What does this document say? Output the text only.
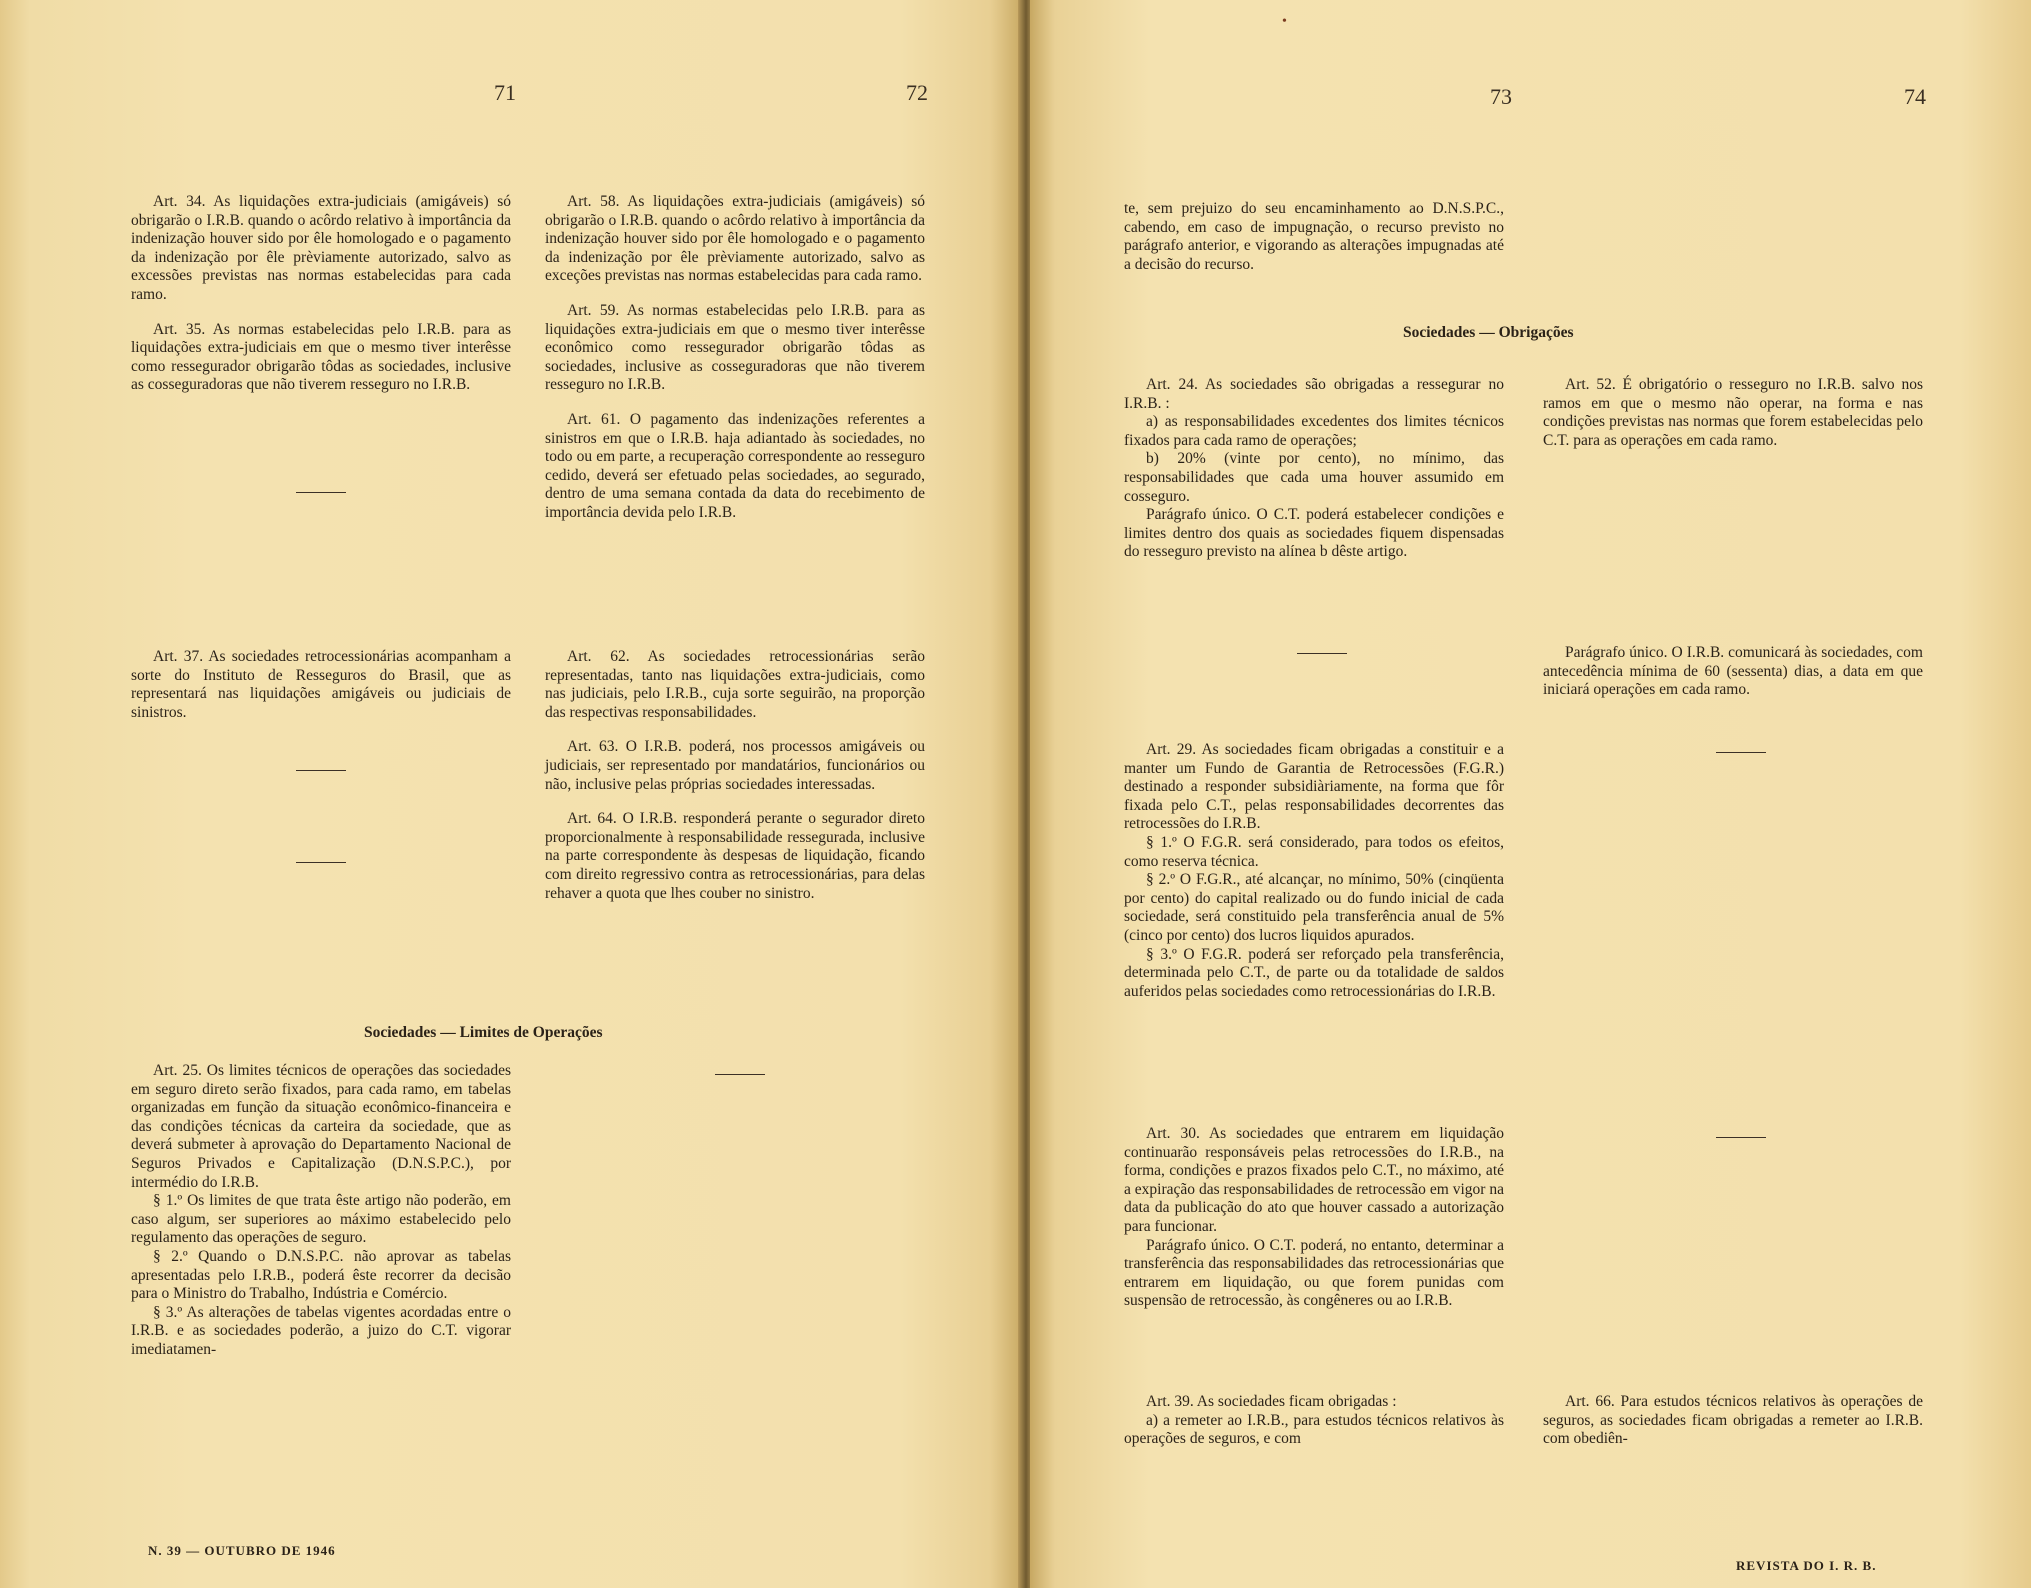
71	72

Art. 34. As liquidações extra-judiciais (amigáveis) só obrigarão o I.R.B. quando o acôrdo relativo à importância da indenização houver sido por êle homologado e o pagamento da indenização por êle prèviamente autorizado, salvo as excessões previstas nas normas estabelecidas para cada ramo.

Art. 35. As normas estabelecidas pelo I.R.B. para as liquidações extra-judiciais em que o mesmo tiver interêsse como ressegurador obrigarão tôdas as sociedades, inclusive as cosseguradoras que não tiverem resseguro no I.R.B.

Art. 37. As sociedades retrocessionárias acompanham a sorte do Instituto de Resseguros do Brasil, que as representará nas liquidações amigáveis ou judiciais de sinistros.

Art. 58. As liquidações extra-judiciais (amigáveis) só obrigarão o I.R.B. quando o acôrdo relativo à importância da indenização houver sido por êle homologado e o pagamento da indenização por êle prèviamente autorizado, salvo as exceções previstas nas normas estabelecidas para cada ramo.

Art. 59. As normas estabelecidas pelo I.R.B. para as liquidações extra-judiciais em que o mesmo tiver interêsse econômico como ressegurador obrigarão tôdas as sociedades, inclusive as cosseguradoras que não tiverem resseguro no I.R.B.

Art. 61. O pagamento das indenizações referentes a sinistros em que o I.R.B. haja adiantado às sociedades, no todo ou em parte, a recuperação correspondente ao resseguro cedido, deverá ser efetuado pelas sociedades, ao segurado, dentro de uma semana contada da data do recebimento de importância devida pelo I.R.B.

Art. 62. As sociedades retrocessionárias serão representadas, tanto nas liquidações extra-judiciais, como nas judiciais, pelo I.R.B., cuja sorte seguirão, na proporção das respectivas responsabilidades.

Art. 63. O I.R.B. poderá, nos processos amigáveis ou judiciais, ser representado por mandatários, funcionários ou não, inclusive pelas próprias sociedades interessadas.

Art. 64. O I.R.B. responderá perante o segurador direto proporcionalmente à responsabilidade ressegurada, inclusive na parte correspondente às despesas de liquidação, ficando com direito regressivo contra as retrocessionárias, para delas rehaver a quota que lhes couber no sinistro.

Sociedades — Limites de Operações

Art. 25. Os limites técnicos de operações das sociedades em seguro direto serão fixados, para cada ramo, em tabelas organizadas em função da situação econômico-financeira e das condições técnicas da carteira da sociedade, que as deverá submeter à aprovação do Departamento Nacional de Seguros Privados e Capitalização (D.N.S.P.C.), por intermédio do I.R.B.

§ 1.º Os limites de que trata êste artigo não poderão, em caso algum, ser superiores ao máximo estabelecido pelo regulamento das operações de seguro.

§ 2.º Quando o D.N.S.P.C. não aprovar as tabelas apresentadas pelo I.R.B., poderá êste recorrer da decisão para o Ministro do Trabalho, Indústria e Comércio.

§ 3.º As alterações de tabelas vigentes acordadas entre o I.R.B. e as sociedades poderão, a juizo do C.T. vigorar imediatamen-

N. 39 — OUTUBRO DE 1946
•
73	74

te, sem prejuizo do seu encaminhamento ao D.N.S.P.C., cabendo, em caso de impugnação, o recurso previsto no parágrafo anterior, e vigorando as alterações impugnadas até a decisão do recurso.

Sociedades — Obrigações

Art. 24. As sociedades são obrigadas a ressegurar no I.R.B. :

a) as responsabilidades excedentes dos limites técnicos fixados para cada ramo de operações;

b) 20% (vinte por cento), no mínimo, das responsabilidades que cada uma houver assumido em cosseguro.

Parágrafo único. O C.T. poderá estabelecer condições e limites dentro dos quais as sociedades fiquem dispensadas do resseguro previsto na alínea b dêste artigo.

Art. 29. As sociedades ficam obrigadas a constituir e a manter um Fundo de Garantia de Retrocessões (F.G.R.) destinado a responder subsidiàriamente, na forma que fôr fixada pelo C.T., pelas responsabilidades decorrentes das retrocessões do I.R.B.

§ 1.º O F.G.R. será considerado, para todos os efeitos, como reserva técnica.

§ 2.º O F.G.R., até alcançar, no mínimo, 50% (cinqüenta por cento) do capital realizado ou do fundo inicial de cada sociedade, será constituido pela transferência anual de 5% (cinco por cento) dos lucros liquidos apurados.

§ 3.º O F.G.R. poderá ser reforçado pela transferência, determinada pelo C.T., de parte ou da totalidade de saldos auferidos pelas sociedades como retrocessionárias do I.R.B.

Art. 30. As sociedades que entrarem em liquidação continuarão responsáveis pelas retrocessões do I.R.B., na forma, condições e prazos fixados pelo C.T., no máximo, até a expiração das responsabilidades de retrocessão em vigor na data da publicação do ato que houver cassado a autorização para funcionar.

Parágrafo único. O C.T. poderá, no entanto, determinar a transferência das responsabilidades das retrocessionárias que entrarem em liquidação, ou que forem punidas com suspensão de retrocessão, às congêneres ou ao I.R.B.

Art. 39. As sociedades ficam obrigadas :

a) a remeter ao I.R.B., para estudos técnicos relativos às operações de seguros, e com

Art. 52. É obrigatório o resseguro no I.R.B. salvo nos ramos em que o mesmo não operar, na forma e nas condições previstas nas normas que forem estabelecidas pelo C.T. para as operações em cada ramo.

Parágrafo único. O I.R.B. comunicará às sociedades, com antecedência mínima de 60 (sessenta) dias, a data em que iniciará operações em cada ramo.

Art. 66. Para estudos técnicos relativos às operações de seguros, as sociedades ficam obrigadas a remeter ao I.R.B. com obediên-

REVISTA DO I. R. B.
